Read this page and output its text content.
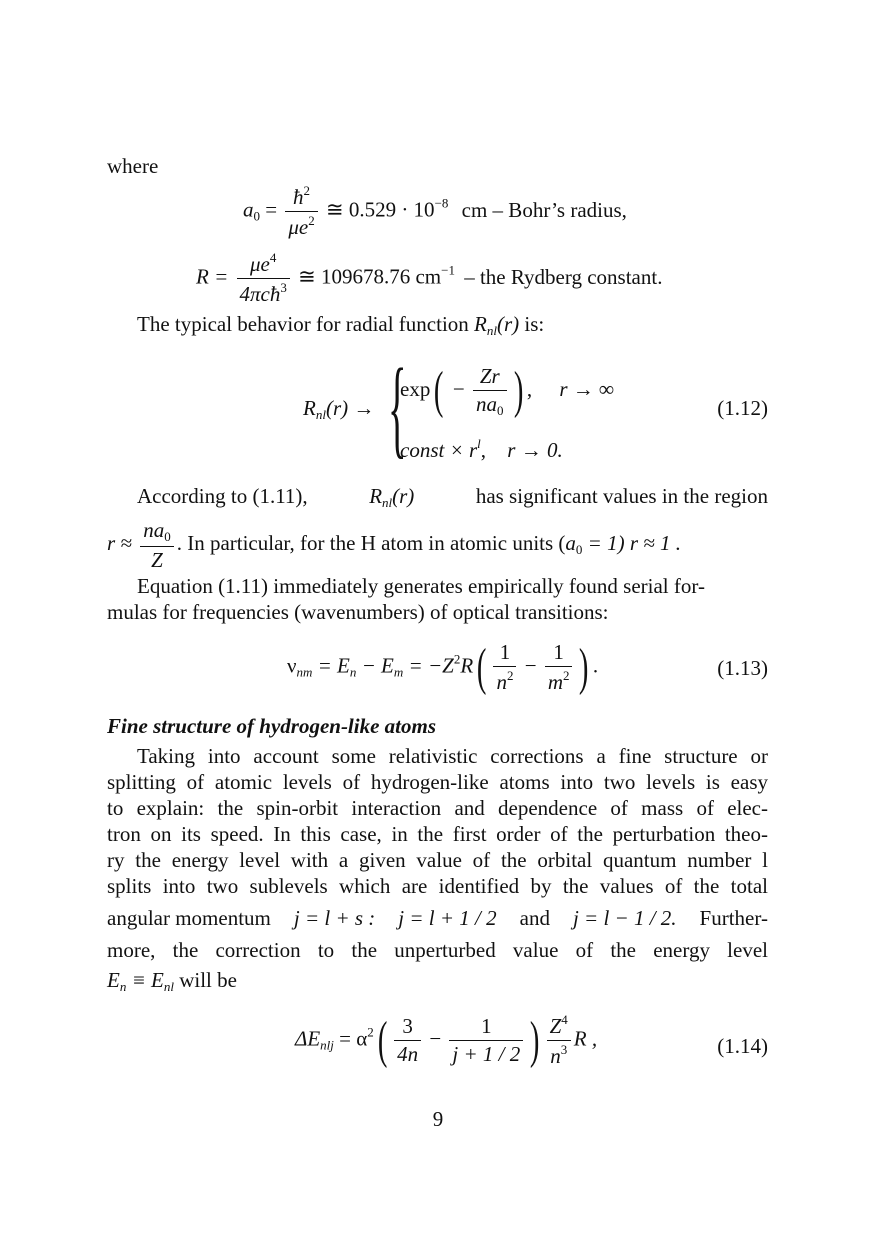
where
$a_0 = \frac{ħ^2}{\mu e^2}$ ≅ $0.529 \cdot 10^{-8}$ cm – Bohr’s radius,
$R = \frac{\mu e^4}{4\pi cħ^3}$ ≅ 109678.76 $cm^{-1}$ – the Rydberg constant.
The typical behavior for radial function $R_{nl}(r)$ is:
$R_{nl}(r)$ → {
$\exp( - \frac{Zr}{na_0}$ ) , r → ∞
const × $r^l$, r → 0.
(1.12)
According to (1.11),	$R_{nl}(r)$	has significant values in the region
$r \approx \frac{na_0}{Z}$ . In particular, for the H atom in atomic units $(a_0 = 1) r \approx 1$ .
Equation (1.11) immediately generates empirically found serial for-
mulas for frequencies (wavenumbers) of optical transitions:
$\nu_{nm} = E_n - E_m = -Z^2R( \frac{1}{n^2} - \frac{1}{m^2}$ ) .	(1.13)
Fine structure of hydrogen-like atoms
Taking into account some relativistic corrections a fine structure or
splitting of atomic levels of hydrogen-like atoms into two levels is easy
to explain: the spin-orbit interaction and dependence of mass of elec-
tron on its speed. In this case, in the first order of the perturbation theo-
ry the energy level with a given value of the orbital quantum number l
splits into two sublevels which are identified by the values of the total
angular momentum j = l + s : j = l + 1 / 2 and j = l − 1 / 2. Further-
more, the correction to the unperturbed value of the energy level
$E_n \equiv E_{nl}$ will be
$\Delta E_{nlj} = \alpha^2( \frac{3}{4n} - \frac{1}{j + 1 / 2}$ ) $\frac{Z^4}{n^3}$ R ,	(1.14)
9
